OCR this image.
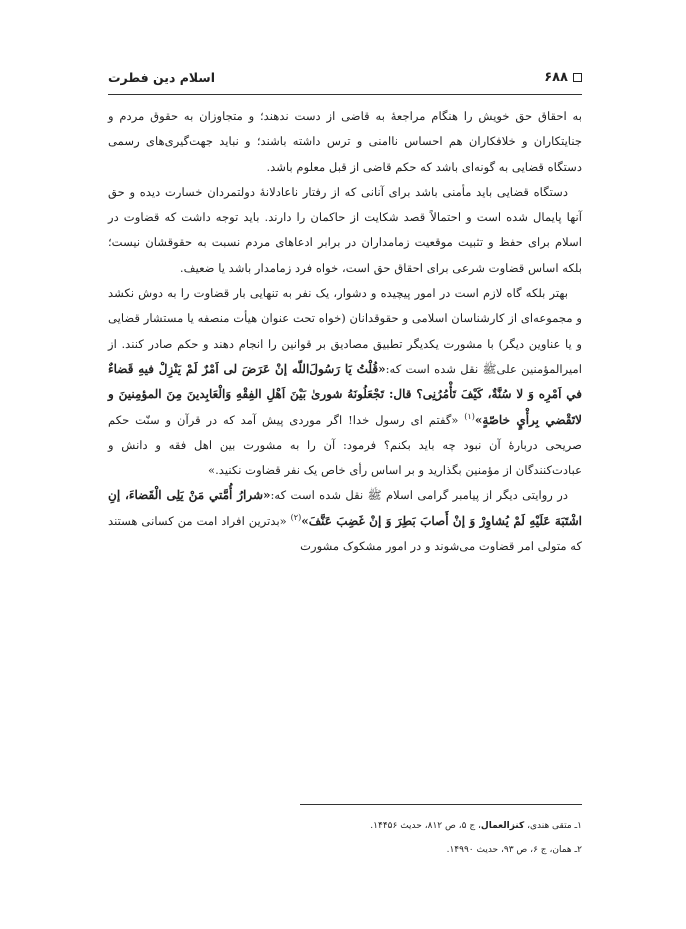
۶۸۸
اسلام دین فطرت

به احقاق حق خویش را هنگام مراجعهٔ به قاضی از دست ندهند؛ و متجاوزان به حقوق مردم و جنایتکاران و خلافکاران هم احساس ناامنی و ترس داشته باشند؛ و نباید جهت‌گیری‌های رسمی دستگاه قضایی به گونه‌ای باشد که حکم قاضی از قبل معلوم باشد.

دستگاه قضایی باید مأمنی باشد برای آنانی که از رفتار ناعادلانهٔ دولتمردان خسارت دیده و حق آنها پایمال شده است و احتمالاً قصد شکایت از حاکمان را دارند. باید توجه داشت که قضاوت در اسلام برای حفظ و تثبیت موقعیت زمامداران در برابر ادعاهای مردم نسبت به حقوقشان نیست؛ بلکه اساس قضاوت شرعی برای احقاق حق است، خواه فرد زمامدار باشد یا ضعیف.

بهتر بلکه گاه لازم است در امور پیچیده و دشوار، یک نفر به تنهایی بار قضاوت را به دوش نکشد و مجموعه‌ای از کارشناسان اسلامی و حقوقدانان (خواه تحت عنوان هیأت منصفه یا مستشار قضایی و یا عناوین دیگر) با مشورت یکدیگر تطبیق مصادیق بر قوانین را انجام دهند و حکم صادر کنند. از امیرالمؤمنین علی‌ﷺ نقل شده است که:«قُلْتُ یَا رَسُولَ‌اللّه إنْ عَرَضَ لی اَمْرٌ لَمْ یَنْزِلْ فیهِ قَضاءٌ في اَمْرِه وَ لا سُنَّةٌ، کَیْفَ تَأْمُرُنِی؟ قال: تَجْعَلُونَهُ شوریٰ بَیْنَ اَهْلِ الفِقْهِ وَالْعَابِدینَ مِنَ المؤمِنینَ و لاتَقْضي بِرأْيٍ خاصّةٍ»$^{(۱)}$ «گفتم ای رسول خدا! اگر موردی پیش آمد که در قرآن و سنّت حکم صریحی دربارهٔ آن نبود چه باید بکنم؟ فرمود: آن را به مشورت بین اهل فقه و دانش و عبادت‌کنندگان از مؤمنین بگذارید و بر اساس رأی خاص یک نفر قضاوت نکنید.»

در روایتی دیگر از پیامبر گرامی اسلام ﷺ نقل شده است که:«شرارُ أُمَّتي مَنْ یَلِی الْقَضاءَ، إنِ اشْتَبَهَ عَلَیْهِ لَمْ یُشاوِرْ وَ إنْ أَصابَ بَطِرَ وَ إنْ غَضِبَ عَنَّفَ»$^{(۲)}$ «بدترین افراد امت من کسانی هستند که متولی امر قضاوت می‌شوند و در امور مشکوک مشورت

۱ـ متقی هندی، کنزالعمال، ج ۵، ص ۸۱۲، حدیث ۱۴۴۵۶.

۲ـ همان، ج ۶، ص ۹۳، حدیث ۱۴۹۹۰.
